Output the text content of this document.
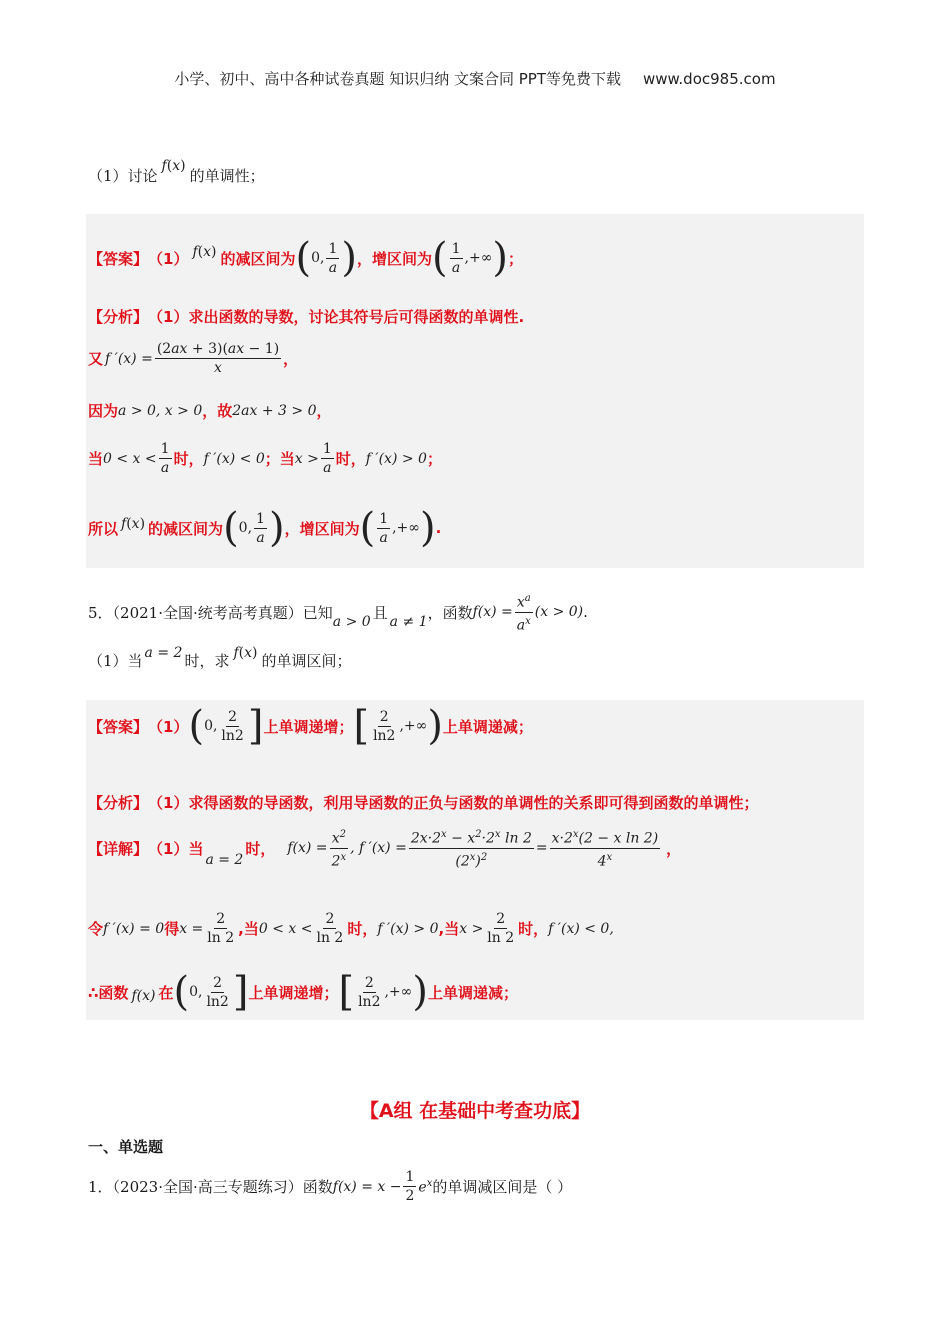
小学、初中、高中各种试卷真题 知识归纳 文案合同 PPT等免费下载 www.doc985.com
（1）讨论
f(x)
的单调性；
【答案】 （1） f(x) 的减区间为 ( 0, $\frac{1}{a}$ ) ，增区间为 ( $\frac{1}{a}$ ,+∞ ) ；
【分析】 （1）求出函数的导数，讨论其符号后可得函数的单调性.
又 f $'(x) = \frac{(2ax + 3)(ax - 1)}{x}$ ，
因为 a > 0, x > 0 ，故 2ax + 3 > 0 ，
当 $0 < x < \frac{1}{a}$ 时， f ′(x) < 0 ；当 $x > \frac{1}{a}$ 时， f ′(x) > 0 ；
所以 f(x) 的减区间为 ( 0, $\frac{1}{a}$ ) ，增区间为 ( $\frac{1}{a}$ ,+∞ ) .
5．（2021·全国·统考高考真题）已知
a > 0
且
a ≠ 1
，函数 $f(x) = \frac{x^a}{a^x} (x > 0)$ .
（1）当 a = 2 时，求 f(x) 的单调区间；
【答案】 （1） ( 0, $\frac{2}{\ln 2}$ ] 上单调递增； [ $\frac{2}{\ln 2}$ ,+∞ ) 上单调递减；
【分析】 （1）求得函数的导函数，利用导函数的正负与函数的单调性的关系即可得到函数的单调性；
【详解】 （1）当
a = 2
时， $f(x) = \frac{x^2}{2^x}$ , f $'(x) = \frac{2x\cdot 2^x - x^2\cdot 2^x \ln 2}{(2^x)^2} = \frac{x\cdot 2^x(2 - x \ln 2)}{4^x}$ ，
令 f ′(x) = 0 得 $x = \frac{2}{\ln 2}$ ,当 $0 < x < \frac{2}{\ln 2}$ 时， f ′(x) > 0 ,当 $x > \frac{2}{\ln 2}$ 时， f ′(x) < 0,
∴函数 f(x) 在 ( 0, $\frac{2}{\ln 2}$ ] 上单调递增； [ $\frac{2}{\ln 2}$ ,+∞ ) 上单调递减；
【A组 在基础中考查功底】
一、单选题
1．（2023·全国·高三专题练习）函数 $f(x) = x - \frac{1}{2} e^x$ 的单调减区间是（ ）
